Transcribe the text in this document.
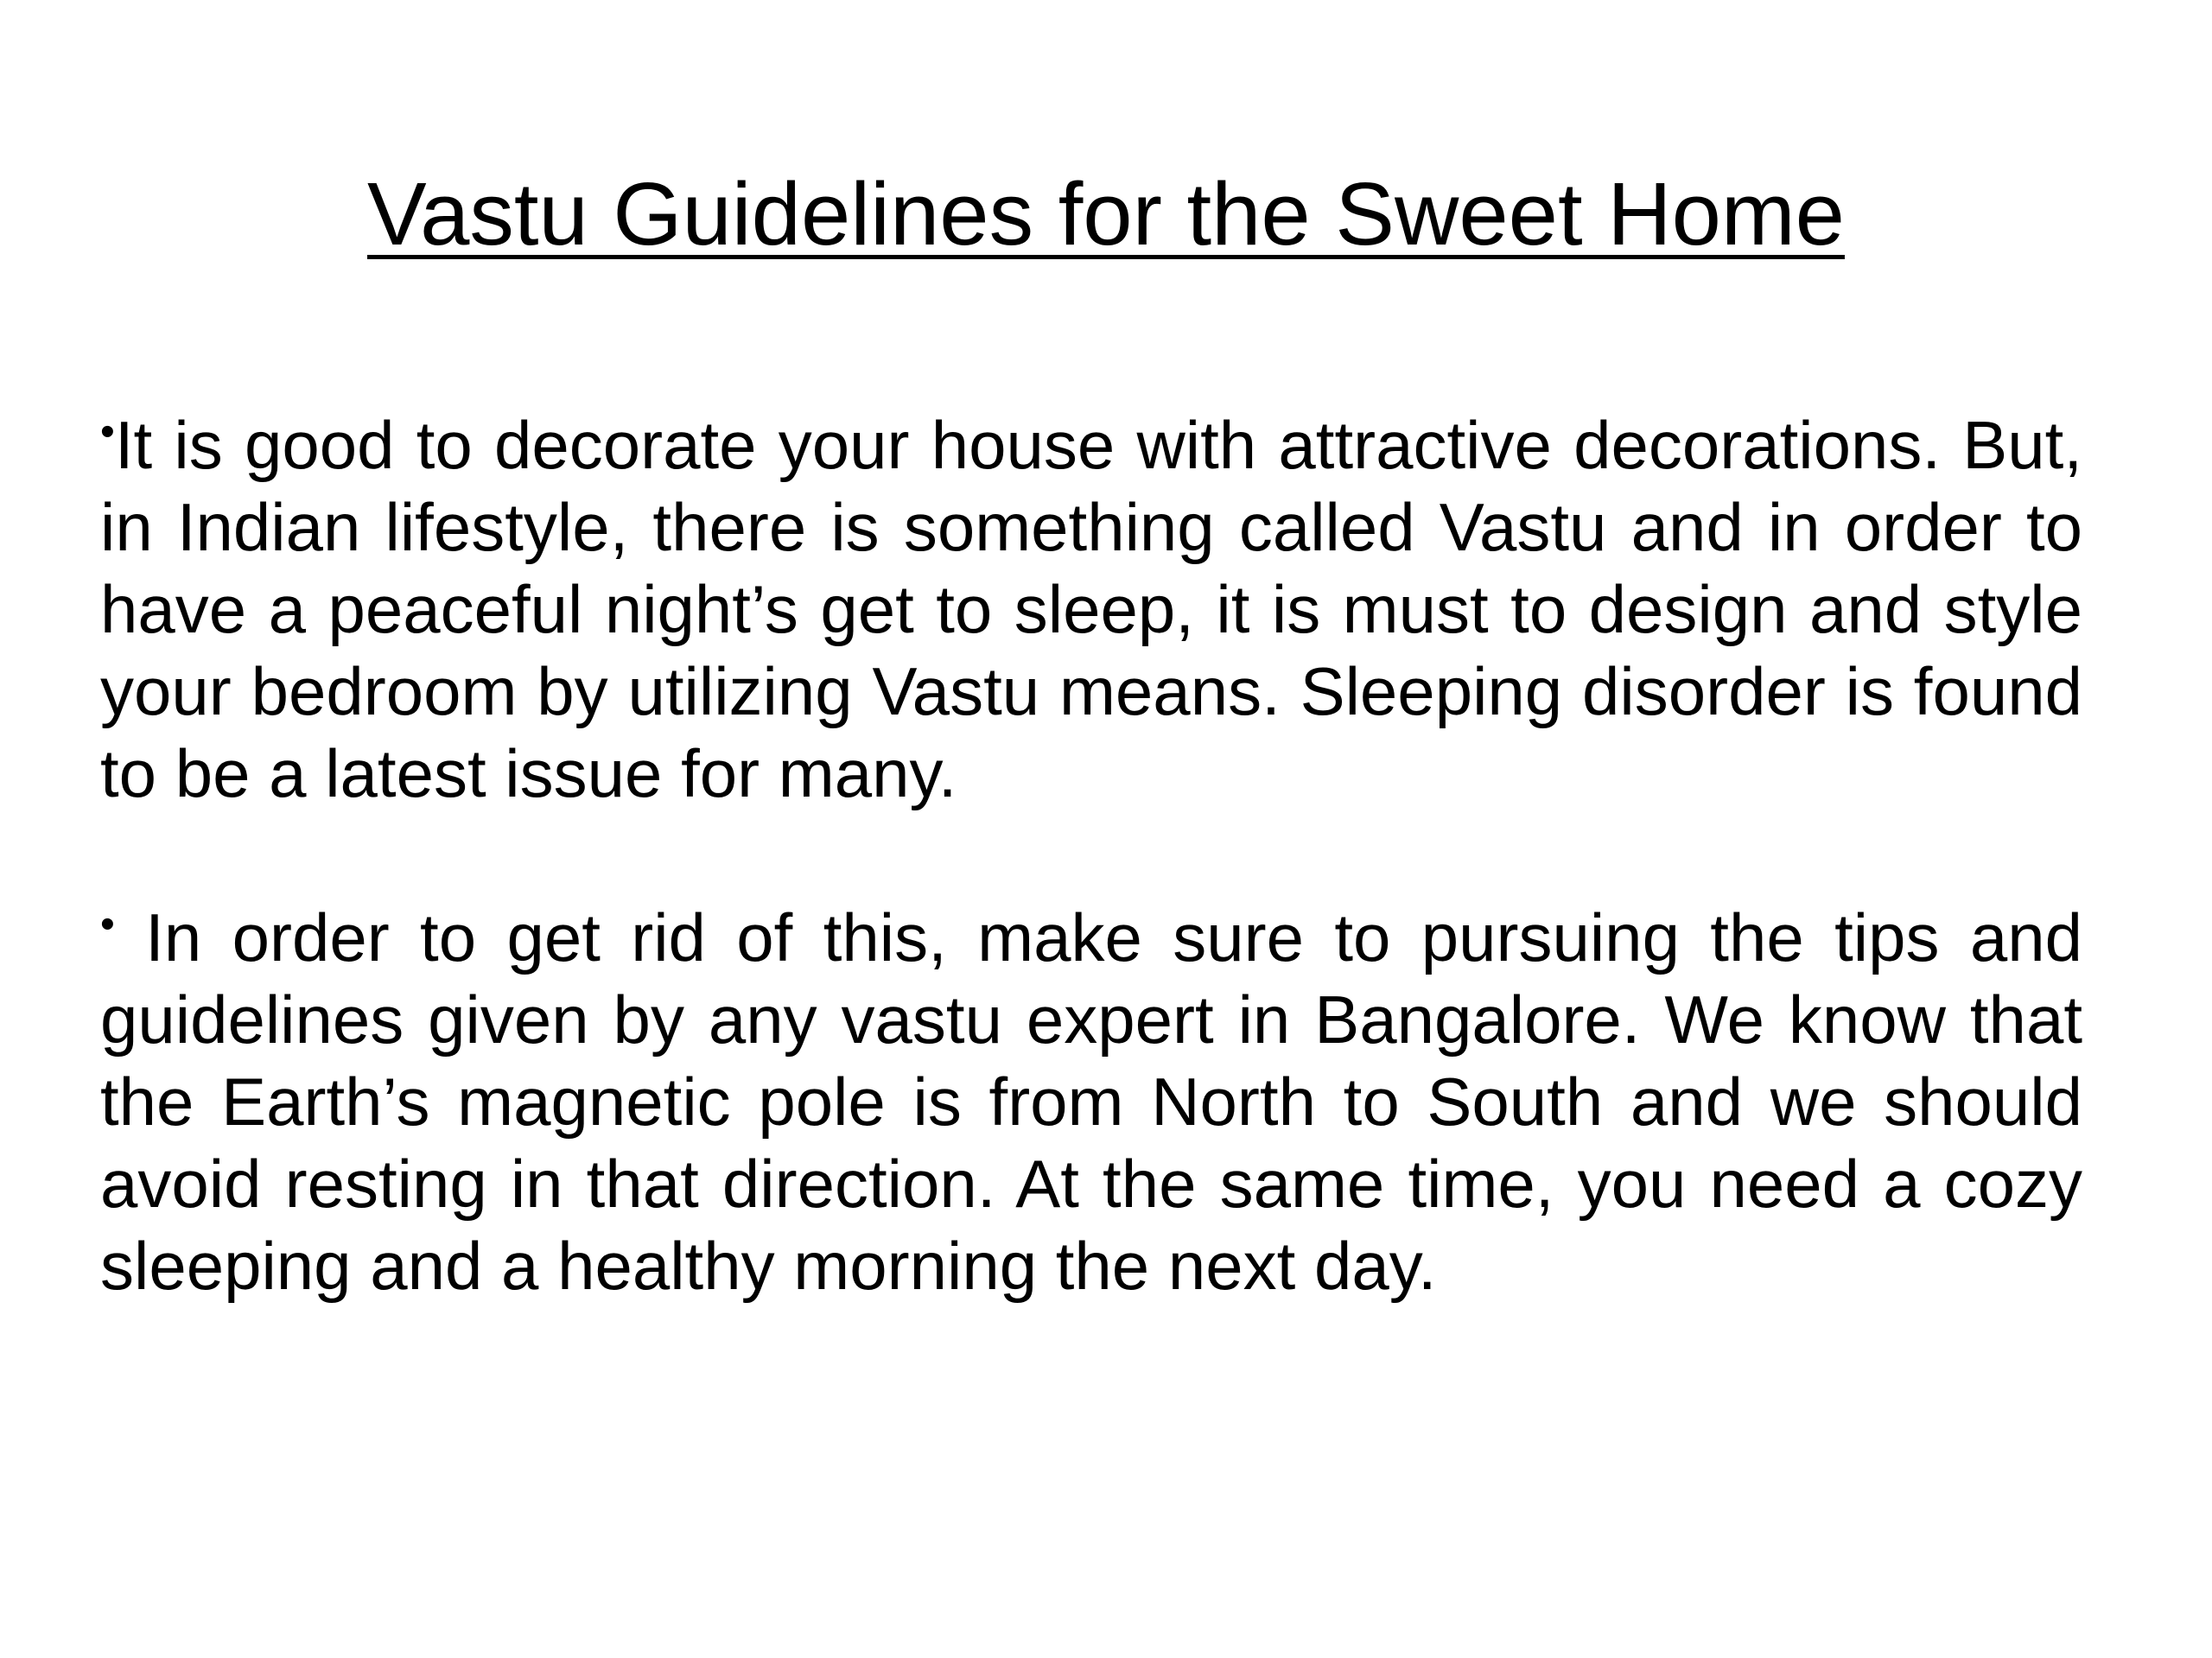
Vastu Guidelines for the Sweet Home

•It is good to decorate your house with attractive decorations. But, in Indian lifestyle, there is something called Vastu and in order to have a peaceful night’s get to sleep, it is must to design and style your bedroom by utilizing Vastu means. Sleeping disorder is found to be a latest issue for many.

• In order to get rid of this, make sure to pursuing the tips and guidelines given by any vastu expert in Bangalore. We know that the Earth’s magnetic pole is from North to South and we should avoid resting in that direction. At the same time, you need a cozy sleeping and a healthy morning the next day.
